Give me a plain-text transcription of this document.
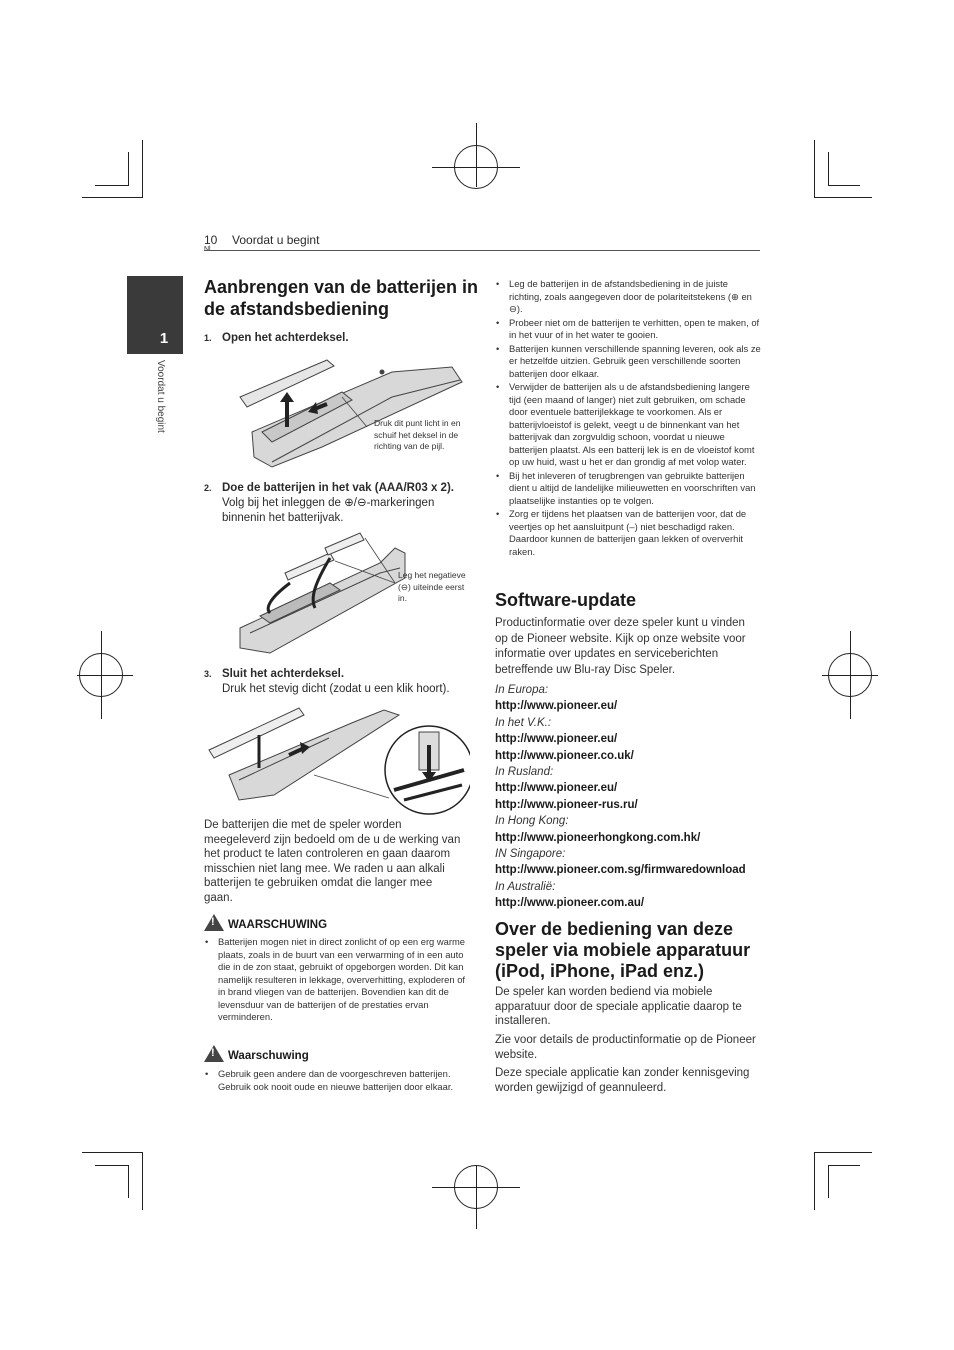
10 Voordat u begint
1
Voordat u begint
Aanbrengen van de batterijen in de afstandsbediening
1. Open het achterdeksel.
Druk dit punt licht in en schuif het deksel in de richting van de pijl.
2. Doe de batterijen in het vak (AAA/R03 x 2).
Volg bij het inleggen de ⊕/⊖-markeringen binnenin het batterijvak.
Leg het negatieve (⊖) uiteinde eerst in.
3. Sluit het achterdeksel.
Druk het stevig dicht (zodat u een klik hoort).
De batterijen die met de speler worden meegeleverd zijn bedoeld om de u de werking van het product te laten controleren en gaan daarom misschien niet lang mee. We raden u aan alkali batterijen te gebruiken omdat die langer mee gaan.
!WAARSCHUWING
• Batterijen mogen niet in direct zonlicht of op een erg warme plaats, zoals in de buurt van een verwarming of in een auto die in de zon staat, gebruikt of opgeborgen worden. Dit kan namelijk resulteren in lekkage, oververhitting, exploderen of in brand vliegen van de batterijen. Bovendien kan dit de levensduur van de batterijen of de prestaties ervan verminderen.
!Waarschuwing
• Gebruik geen andere dan de voorgeschreven batterijen. Gebruik ook nooit oude en nieuwe batterijen door elkaar.
• Leg de batterijen in de afstandsbediening in de juiste richting, zoals aangegeven door de polariteitstekens (⊕ en ⊖).
• Probeer niet om de batterijen te verhitten, open te maken, of in het vuur of in het water te gooien.
• Batterijen kunnen verschillende spanning leveren, ook als ze er hetzelfde uitzien. Gebruik geen verschillende soorten batterijen door elkaar.
• Verwijder de batterijen als u de afstandsbediening langere tijd (een maand of langer) niet zult gebruiken, om schade door eventuele batterijlekkage te voorkomen. Als er batterijvloeistof is gelekt, veegt u de binnenkant van het batterijvak dan zorgvuldig schoon, voordat u nieuwe batterijen plaatst. Als een batterij lek is en de vloeistof komt op uw huid, wast u het er dan grondig af met volop water.
• Bij het inleveren of terugbrengen van gebruikte batterijen dient u altijd de landelijke milieuwetten en voorschriften van plaatselijke instanties op te volgen.
• Zorg er tijdens het plaatsen van de batterijen voor, dat de veertjes op het aansluitpunt (–) niet beschadigd raken. Daardoor kunnen de batterijen gaan lekken of oververhit raken.
Software-update
Productinformatie over deze speler kunt u vinden op de Pioneer website. Kijk op onze website voor informatie over updates en serviceberichten betreffende uw Blu-ray Disc Speler.
In Europa:
http://www.pioneer.eu/
In het V.K.:
http://www.pioneer.eu/
http://www.pioneer.co.uk/
In Rusland:
http://www.pioneer.eu/
http://www.pioneer-rus.ru/
In Hong Kong:
http://www.pioneerhongkong.com.hk/
IN Singapore:
http://www.pioneer.com.sg/firmwaredownload
In Australië:
http://www.pioneer.com.au/
Over de bediening van deze speler via mobiele apparatuur (iPod, iPhone, iPad enz.)
De speler kan worden bediend via mobiele apparatuur door de speciale applicatie daarop te installeren.
Zie voor details de productinformatie op de Pioneer website.
Deze speciale applicatie kan zonder kennisgeving worden gewijzigd of geannuleerd.
